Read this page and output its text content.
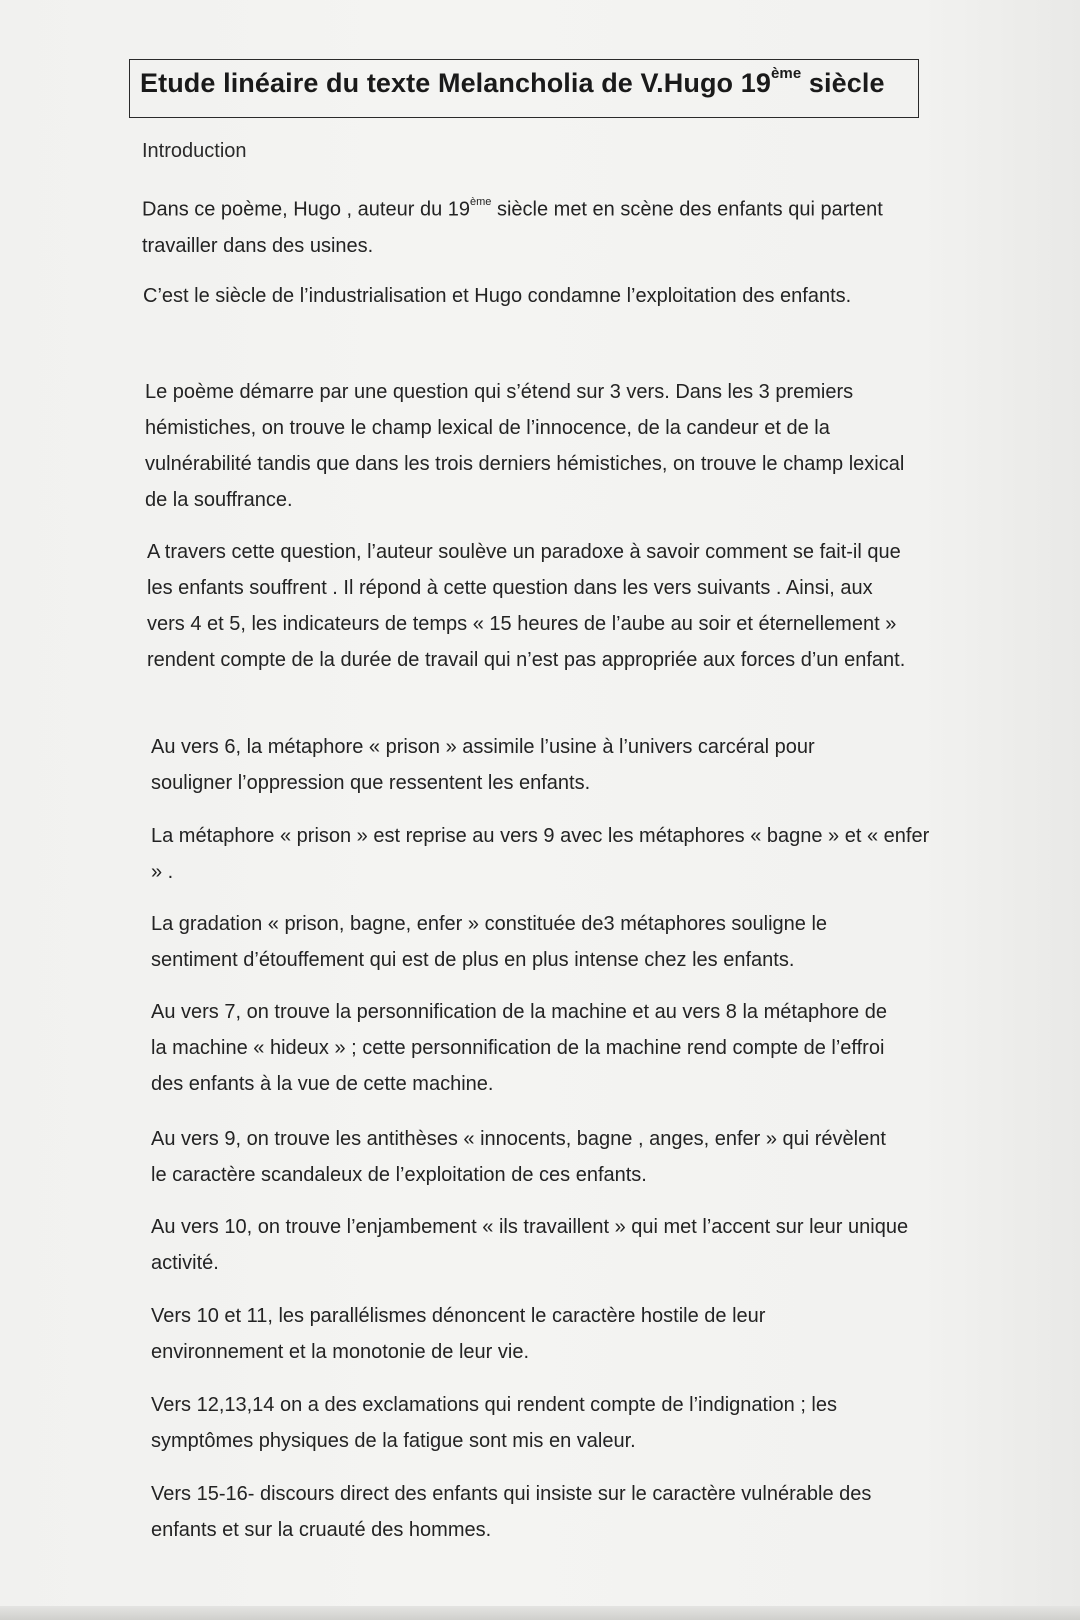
Etude linéaire du texte Melancholia de V.Hugo 19ème siècle
Introduction
Dans ce poème, Hugo , auteur du 19ème siècle met en scène des enfants qui partent travailler dans des usines.
C’est le siècle de l’industrialisation et Hugo condamne l’exploitation des enfants.
Le poème démarre par une question qui s’étend sur 3 vers. Dans les 3 premiers hémistiches, on trouve le champ lexical de l’innocence, de la candeur et de la vulnérabilité tandis que dans les trois derniers hémistiches, on trouve le champ lexical de la souffrance.
A travers cette question, l’auteur soulève un paradoxe à savoir comment se fait-il que les enfants souffrent . Il répond à cette question dans les vers suivants . Ainsi, aux vers 4 et 5, les indicateurs de temps « 15 heures de l’aube au soir et éternellement » rendent compte de la durée de travail qui n’est pas appropriée aux forces d’un enfant.
Au vers 6, la métaphore « prison » assimile l’usine à l’univers carcéral pour souligner l’oppression que ressentent les enfants.
La métaphore « prison » est reprise au vers 9 avec les métaphores « bagne » et « enfer » .
La gradation « prison, bagne, enfer » constituée de3 métaphores souligne le sentiment d’étouffement qui est de plus en plus intense chez les enfants.
Au vers 7, on trouve la personnification de la machine et au vers 8 la métaphore de la machine « hideux » ; cette personnification de la machine rend compte de l’effroi des enfants à la vue de cette machine.
Au vers 9, on trouve les antithèses « innocents, bagne , anges, enfer » qui révèlent le caractère scandaleux de l’exploitation de ces enfants.
Au vers 10, on trouve l’enjambement « ils travaillent » qui met l’accent sur leur unique activité.
Vers 10 et 11, les parallélismes dénoncent le caractère hostile de leur environnement et la monotonie de leur vie.
Vers 12,13,14 on a des exclamations qui rendent compte de l’indignation ; les symptômes physiques de la fatigue sont mis en valeur.
Vers 15-16- discours direct des enfants qui insiste sur le caractère vulnérable des enfants et sur la cruauté des hommes.
